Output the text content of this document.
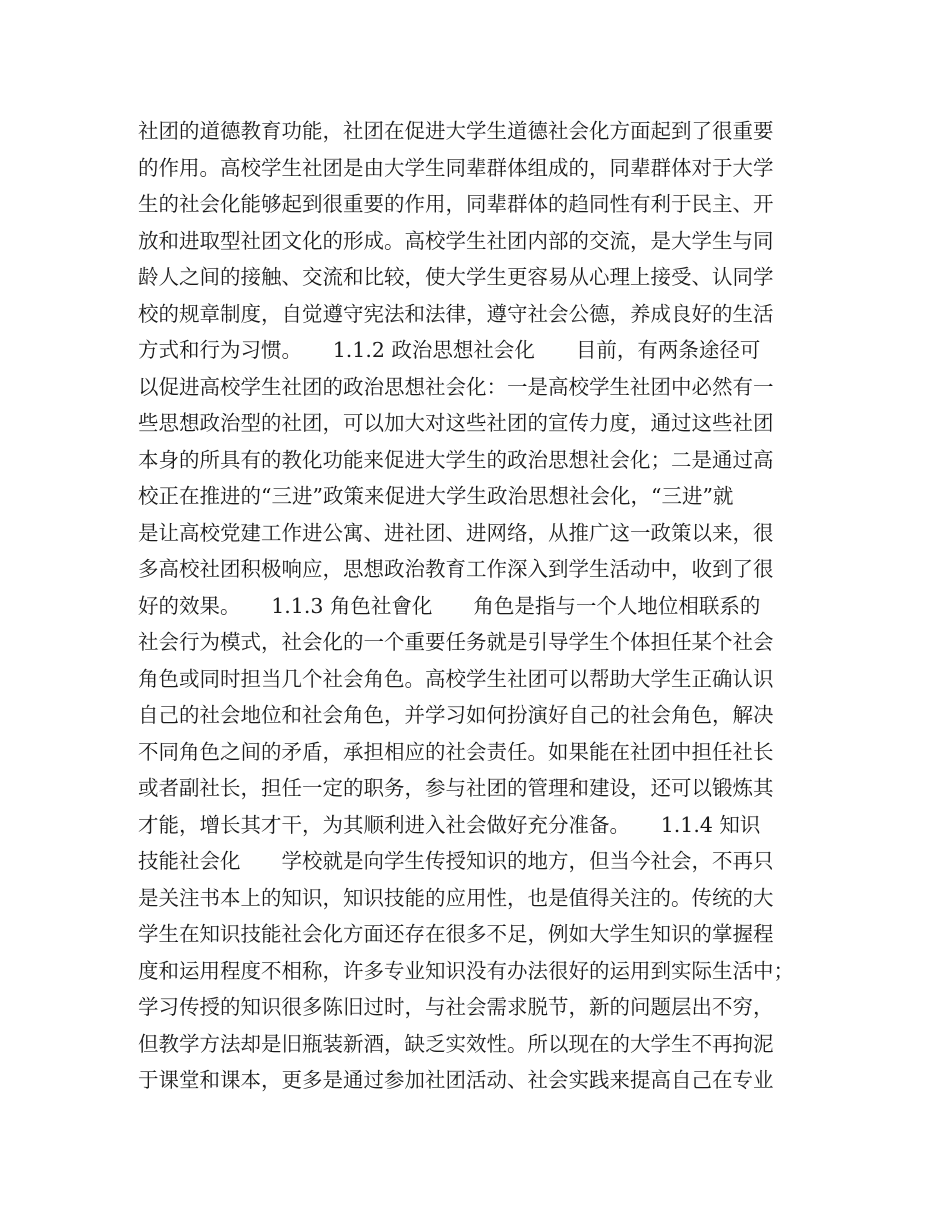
社团的道德教育功能，社团在促进大学生道德社会化方面起到了很重要
的作用。高校学生社团是由大学生同辈群体组成的，同辈群体对于大学
生的社会化能够起到很重要的作用，同辈群体的趋同性有利于民主、开
放和进取型社团文化的形成。高校学生社团内部的交流，是大学生与同
龄人之间的接触、交流和比较，使大学生更容易从心理上接受、认同学
校的规章制度，自觉遵守宪法和法律，遵守社会公德，养成良好的生活
方式和行为习惯。　　1.1.2 政治思想社会化　　目前，有两条途径可
以促进高校学生社团的政治思想社会化：一是高校学生社团中必然有一
些思想政治型的社团，可以加大对这些社团的宣传力度，通过这些社团
本身的所具有的教化功能来促进大学生的政治思想社会化；二是通过高
校正在推进的“三进”政策来促进大学生政治思想社会化，“三进”就
是让高校党建工作进公寓、进社团、进网络，从推广这一政策以来，很
多高校社团积极响应，思想政治教育工作深入到学生活动中，收到了很
好的效果。　　1.1.3 角色社會化　　角色是指与一个人地位相联系的
社会行为模式，社会化的一个重要任务就是引导学生个体担任某个社会
角色或同时担当几个社会角色。高校学生社团可以帮助大学生正确认识
自己的社会地位和社会角色，并学习如何扮演好自己的社会角色，解决
不同角色之间的矛盾，承担相应的社会责任。如果能在社团中担任社长
或者副社长，担任一定的职务，参与社团的管理和建设，还可以锻炼其
才能，增长其才干，为其顺利进入社会做好充分准备。　　1.1.4 知识
技能社会化　　学校就是向学生传授知识的地方，但当今社会，不再只
是关注书本上的知识，知识技能的应用性，也是值得关注的。传统的大
学生在知识技能社会化方面还存在很多不足，例如大学生知识的掌握程
度和运用程度不相称，许多专业知识没有办法很好的运用到实际生活中；
学习传授的知识很多陈旧过时，与社会需求脱节，新的问题层出不穷，
但教学方法却是旧瓶装新酒，缺乏实效性。所以现在的大学生不再拘泥
于课堂和课本，更多是通过参加社团活动、社会实践来提高自己在专业
